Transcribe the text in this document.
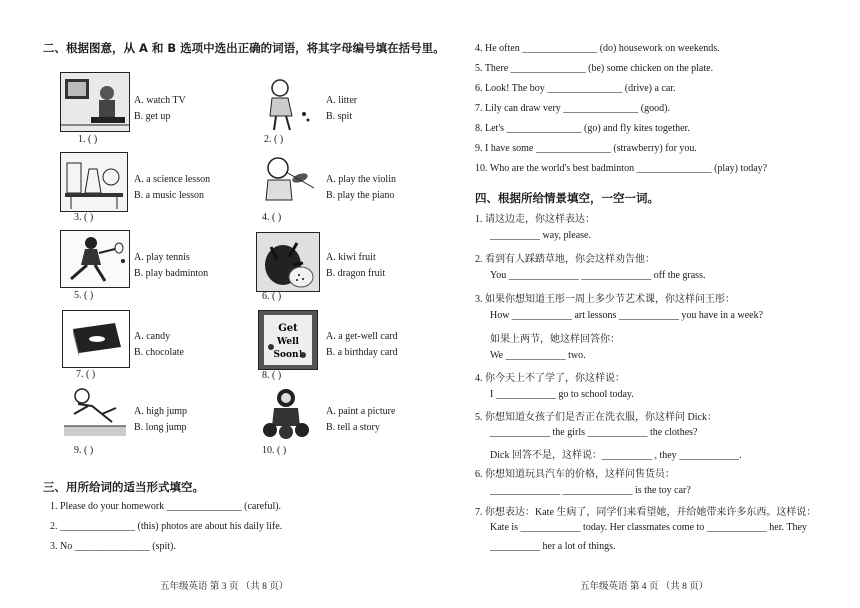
二、根据图意，从 A 和 B 选项中选出正确的词语，将其字母编号填在括号里。
A. watch TV
B. get up
1. ( )
A. litter
B. spit
2. ( )
A. a science lesson
B. a music lesson
3. ( )
A. play the violin
B. play the piano
4. ( )
A. play tennis
B. play badminton
5. ( )
A. kiwi fruit
B. dragon fruit
6. ( )
A. candy
B. chocolate
7. ( )
Get Well Soon!
A. a get-well card
B. a birthday card
8. ( )
A. high jump
B. long jump
9. ( )
A. paint a picture
B. tell a story
10. ( )
三、用所给词的适当形式填空。
1. Please do your homework _______________ (careful).
2. _______________ (this) photos are about his daily life.
3. No _______________ (spit).
五年级英语 第 3 页 （共 8 页）
4. He often _______________ (do) housework on weekends.
5. There _______________ (be) some chicken on the plate.
6. Look! The boy _______________ (drive) a car.
7. Lily can draw very _______________ (good).
8. Let's _______________ (go) and fly kites together.
9. I have some _______________ (strawberry) for you.
10. Who are the world's best badminton _______________ (play) today?
四、根据所给情景填空，一空一词。
1. 请这边走，你这样表达：
__________ way, please.
2. 看到有人踩踏草地，你会这样劝告他：
You ______________ ______________ off the grass.
3. 如果你想知道王彤一周上多少节艺术课，你这样问王彤：
How ____________ art lessons ____________ you have in a week?
如果上两节，她这样回答你：
We ____________ two.
4. 你今天上不了学了，你这样说：
I ____________ go to school today.
5. 你想知道女孩子们是否正在洗衣服，你这样问 Dick：
____________ the girls ____________ the clothes?
Dick 回答不是，这样说：__________ , they ____________.
6. 你想知道玩具汽车的价格，这样问售货员：
______________ ______________ is the toy car?
7. 你想表达：Kate 生病了，同学们来看望她，并给她带来许多东西。这样说：
Kate is ____________ today. Her classmates come to ____________ her. They
__________ her a lot of things.
五年级英语 第 4 页 （共 8 页）
